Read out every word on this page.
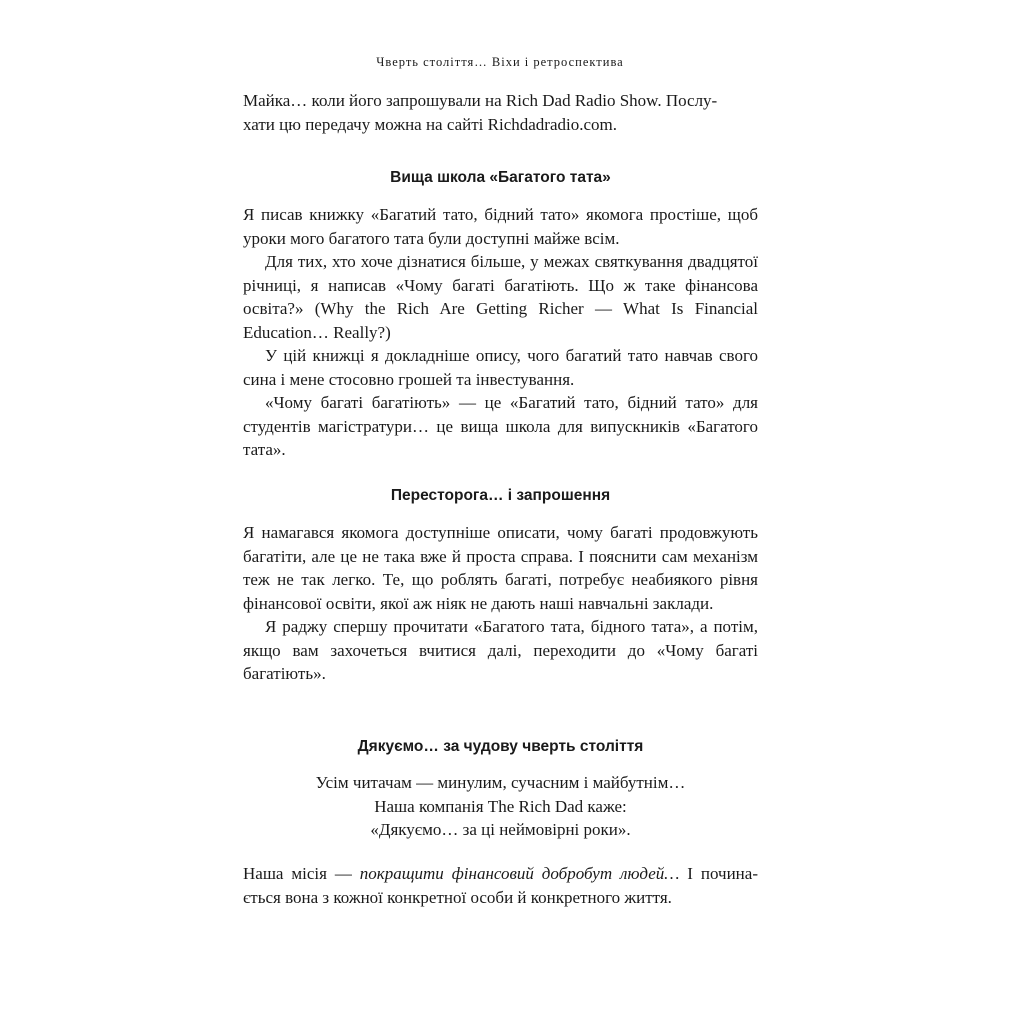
Чверть століття… Віхи і ретроспектива

Майка… коли його запрошували на Rich Dad Radio Show. Послу-

хати цю передачу можна на сайті Richdadradio.com.

Вища школа «Багатого тата»

Я писав книжку «Багатий тато, бідний тато» якомога простіше, щоб уроки мого багатого тата були доступні майже всім.

Для тих, хто хоче дізнатися більше, у межах святкування двадцятої річниці, я написав «Чому багаті багатіють. Що ж таке фінансова освіта?» (Why the Rich Are Getting Richer — What Is Financial Education… Really?)

У цій книжці я докладніше опису, чого багатий тато навчав свого сина і мене стосовно грошей та інвестування.

«Чому багаті багатіють» — це «Багатий тато, бідний тато» для студентів магістратури… це вища школа для випускників «Багатого тата».

Пересторога… і запрошення

Я намагався якомога доступніше описати, чому багаті продовжують багатіти, але це не така вже й проста справа. І пояснити сам механізм теж не так легко. Те, що роблять багаті, потребує неабиякого рівня фінансової освіти, якої аж ніяк не дають наші навчальні заклади.

Я раджу спершу прочитати «Багатого тата, бідного тата», а потім, якщо вам захочеться вчитися далі, переходити до «Чому багаті багатіють».

Дякуємо… за чудову чверть століття

Усім читачам — минулим, сучасним і майбутнім…

Наша компанія The Rich Dad каже:

«Дякуємо… за ці неймовірні роки».

Наша місія — покращити фінансовий добробут людей… І починається вона з кожної конкретної особи й конкретного життя.
